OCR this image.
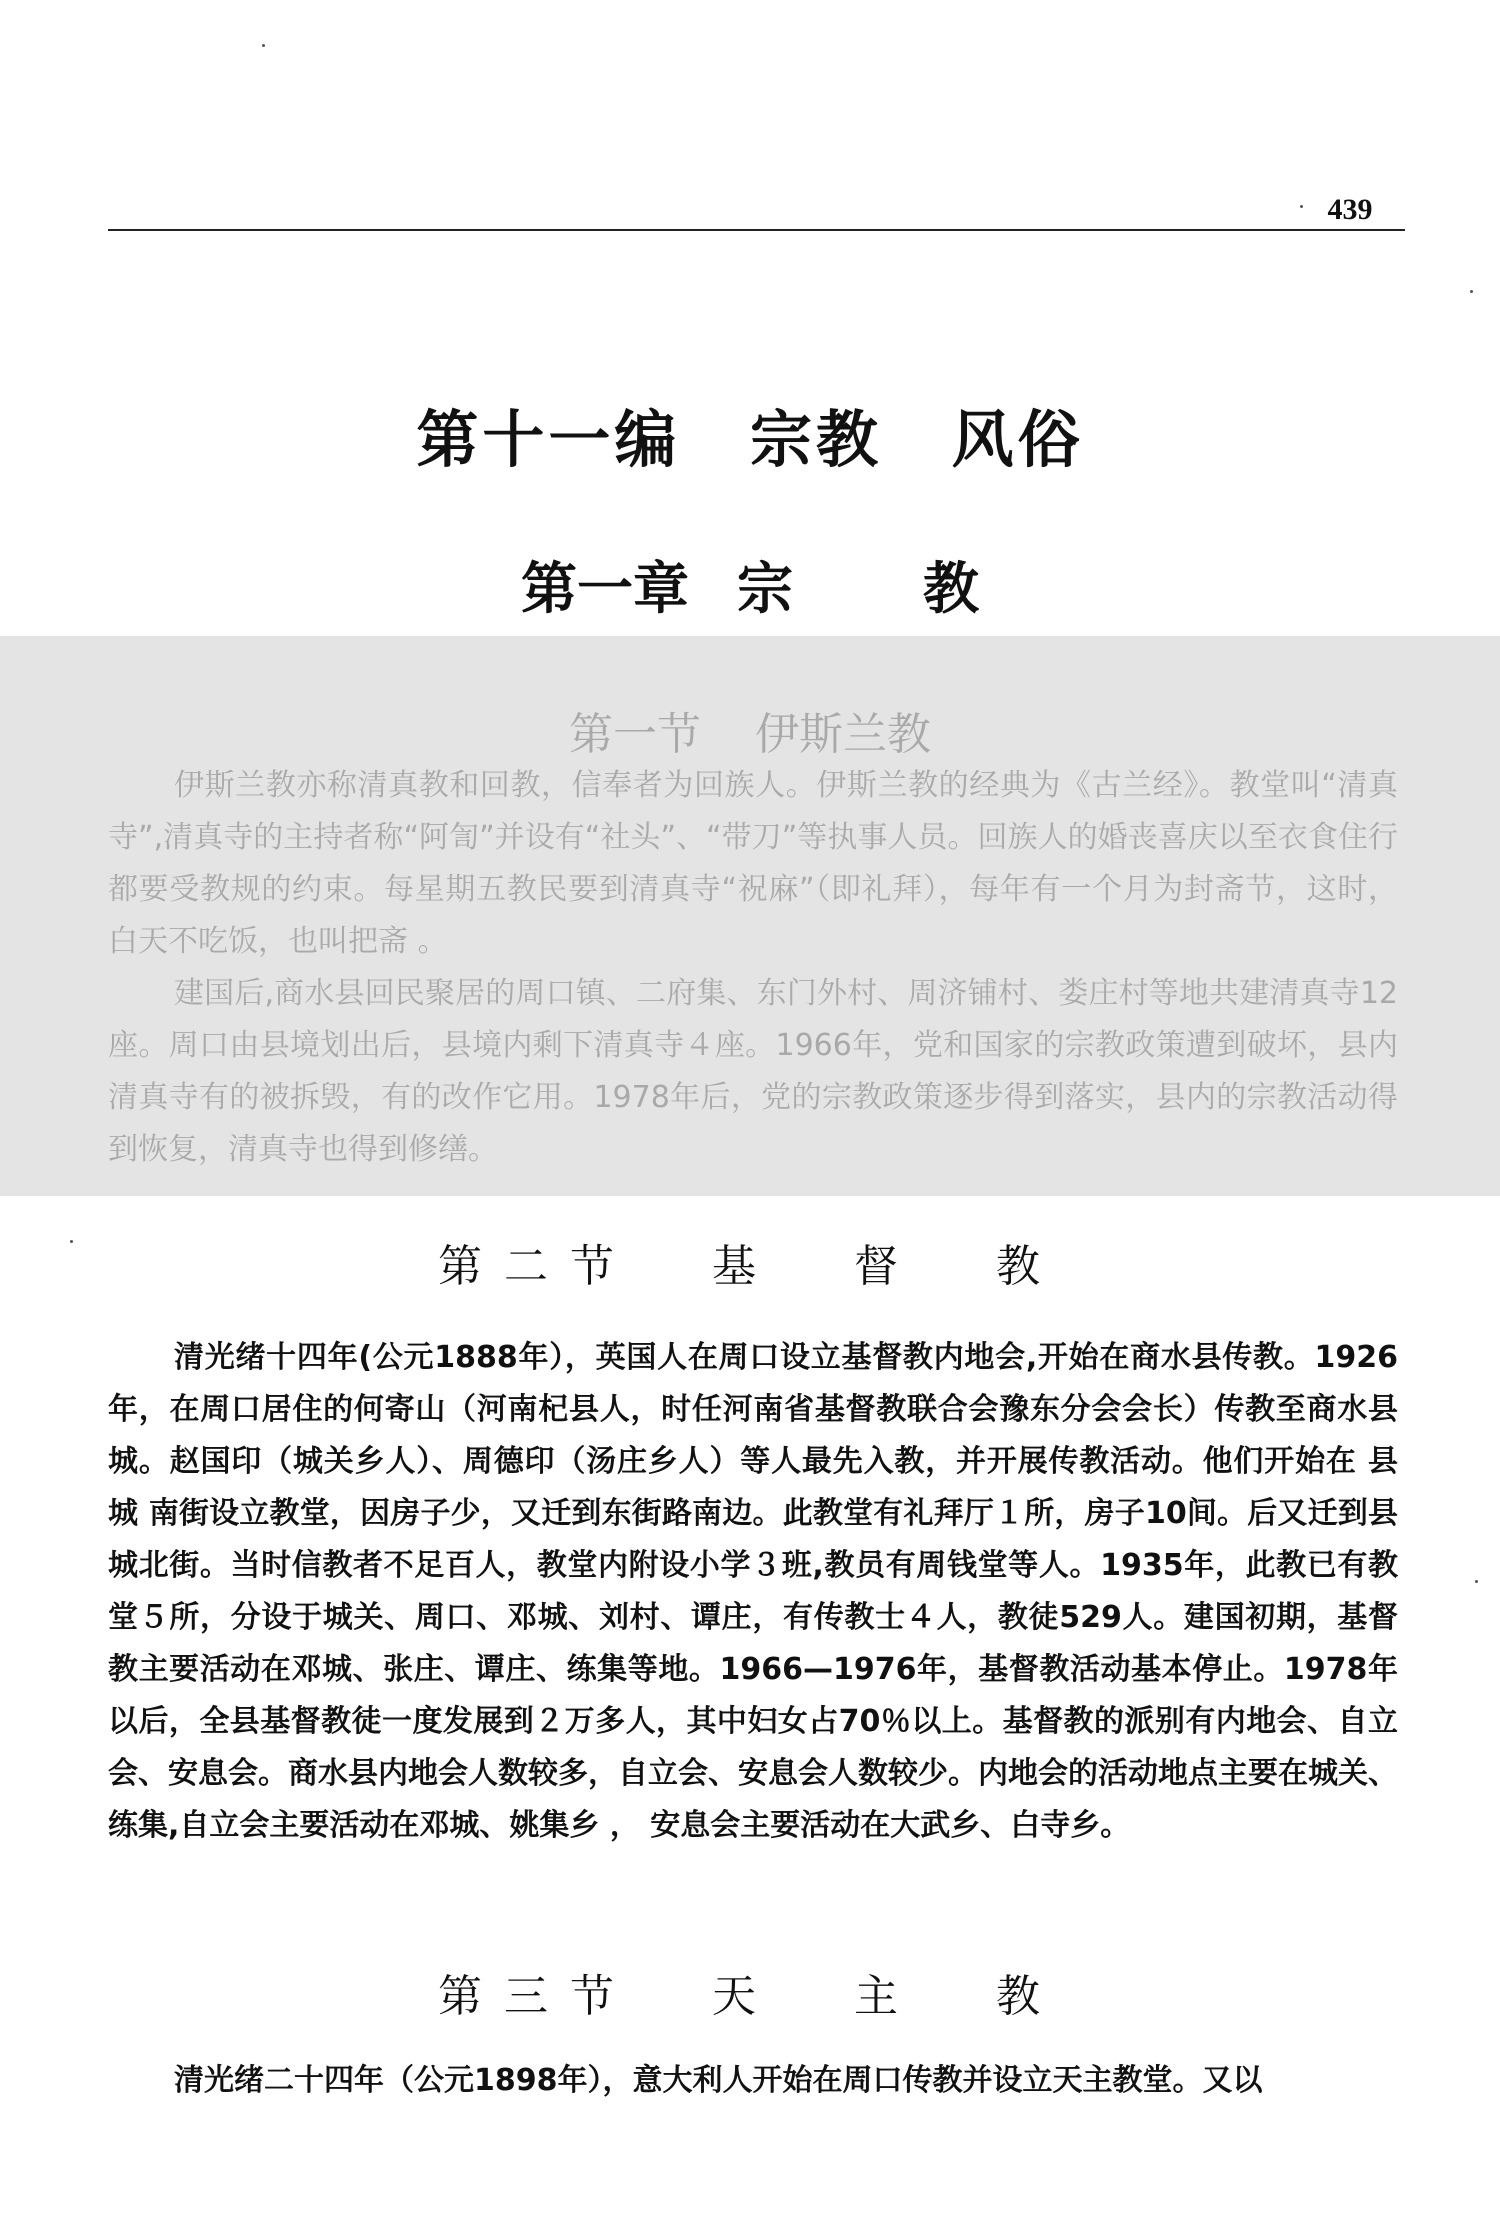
439
第十一编 宗教 风俗
第一章 宗 教
第一节 伊斯兰教

伊斯兰教亦称清真教和回教，信奉者为回族人。伊斯兰教的经典为《古兰经》。教堂叫“清真寺”,清真寺的主持者称“阿訇”并设有“社头”、“带刀”等执事人员。回族人的婚丧喜庆以至衣食住行都要受教规的约束。每星期五教民要到清真寺“祝麻”（即礼拜），每年有一个月为封斋节，这时，白天不吃饭，也叫把斋 。

建国后,商水县回民聚居的周口镇、二府集、东门外村、周济铺村、娄庄村等地共建清真寺12座。周口由县境划出后，县境内剩下清真寺４座。1966年，党和国家的宗教政策遭到破坏，县内清真寺有的被拆毁，有的改作它用。1978年后，党的宗教政策逐步得到落实，县内的宗教活动得到恢复，清真寺也得到修缮。

第二节 基 督 教

清光绪十四年(公元1888年），英国人在周口设立基督教内地会,开始在商水县传教。1926年，在周口居住的何寄山（河南杞县人，时任河南省基督教联合会豫东分会会长）传教至商水县城。赵国印（城关乡人）、周德印（汤庄乡人）等人最先入教，并开展传教活动。他们开始在 县 城 南街设立教堂，因房子少，又迁到东街路南边。此教堂有礼拜厅１所，房子10间。后又迁到县城北街。当时信教者不足百人，教堂内附设小学３班,教员有周钱堂等人。1935年，此教已有教堂５所，分设于城关、周口、邓城、刘村、谭庄，有传教士４人，教徒529人。建国初期，基督教主要活动在邓城、张庄、谭庄、练集等地。1966—1976年，基督教活动基本停止。1978年以后，全县基督教徒一度发展到２万多人，其中妇女占70％以上。基督教的派别有内地会、自立会、安息会。商水县内地会人数较多，自立会、安息会人数较少。内地会的活动地点主要在城关、练集,自立会主要活动在邓城、姚集乡 ， 安息会主要活动在大武乡、白寺乡。

第三节 天 主 教

清光绪二十四年（公元1898年），意大利人开始在周口传教并设立天主教堂。又以
